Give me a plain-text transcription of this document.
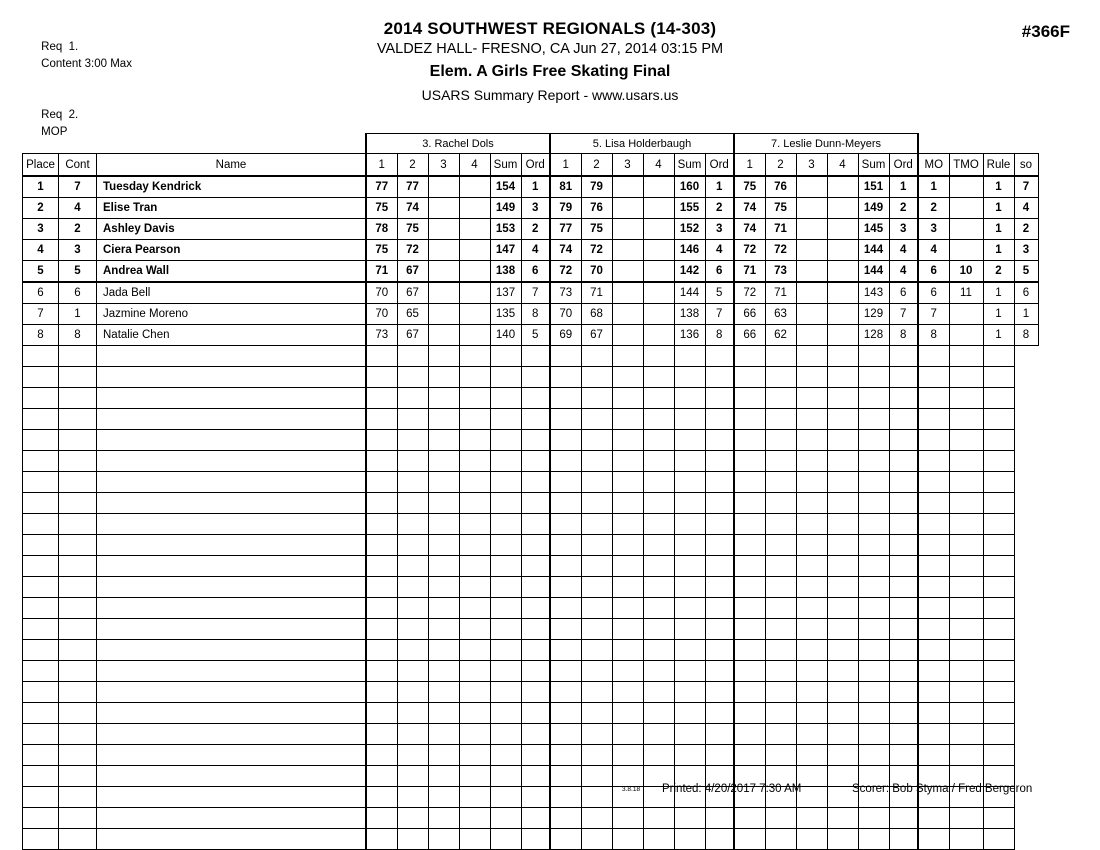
Req  1.
Content 3:00 Max

Req  2.
MOP

2014 SOUTHWEST REGIONALS (14-303)
VALDEZ HALL- FRESNO, CA Jun 27, 2014 03:15 PM
Elem. A Girls Free Skating Final
USARS Summary Report - www.usars.us
#366F
			3. Rachel Dols						5. Lisa Holderbaugh						7. Leslie Dunn-Meyers									
Place	Cont	Name	1	2	3	4	Sum	Ord	1	2	3	4	Sum	Ord	1	2	3	4	Sum	Ord	MO	TMO	Rule	so
1	7	Tuesday Kendrick	77	77			154	1	81	79			160	1	75	76			151	1	1		1	7
2	4	Elise Tran	75	74			149	3	79	76			155	2	74	75			149	2	2		1	4
3	2	Ashley Davis	78	75			153	2	77	75			152	3	74	71			145	3	3		1	2
4	3	Ciera Pearson	75	72			147	4	74	72			146	4	72	72			144	4	4		1	3
5	5	Andrea Wall	71	67			138	6	72	70			142	6	71	73			144	4	6	10	2	5
6	6	Jada Bell	70	67			137	7	73	71			144	5	72	71			143	6	6	11	1	6
7	1	Jazmine Moreno	70	65			135	8	70	68			138	7	66	63			129	7	7		1	1
8	8	Natalie Chen	73	67			140	5	69	67			136	8	66	62			128	8	8		1	8

3.8.18 Printed: 4/20/2017 7:30 AM	Scorer: Bob Styma / Fred Bergeron
